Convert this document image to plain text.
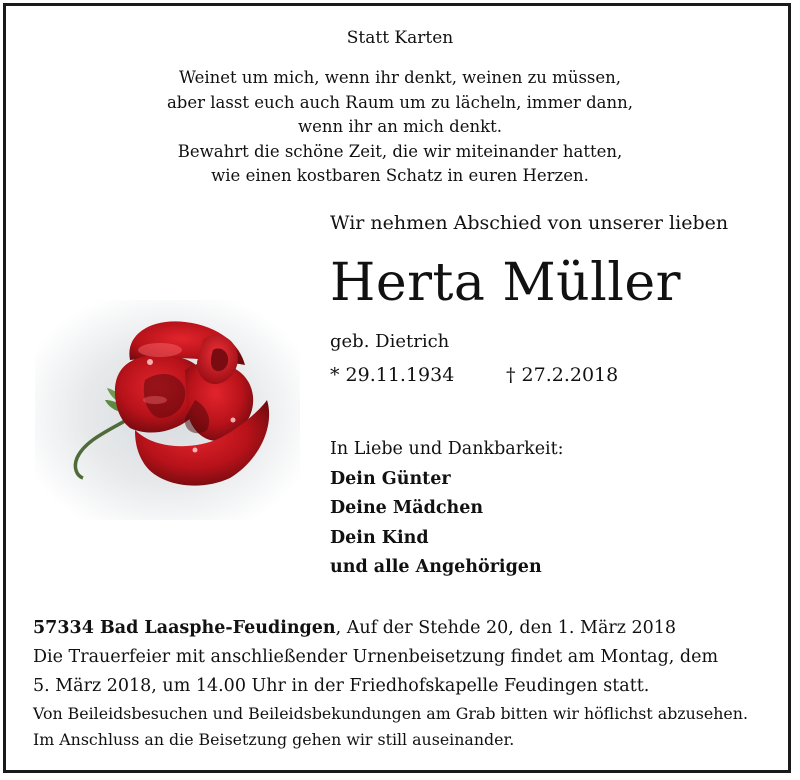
Statt Karten
Weinet um mich, wenn ihr denkt, weinen zu müssen,
aber lasst euch auch Raum um zu lächeln, immer dann,
wenn ihr an mich denkt.
Bewahrt die schöne Zeit, die wir miteinander hatten,
wie einen kostbaren Schatz in euren Herzen.
Wir nehmen Abschied von unserer lieben
Herta Müller
geb. Dietrich
* 29.11.1934	† 27.2.2018
In Liebe und Dankbarkeit:
Dein Günter
Deine Mädchen
Dein Kind
und alle Angehörigen
57334 Bad Laasphe-Feudingen, Auf der Stehde 20, den 1. März 2018
Die Trauerfeier mit anschließender Urnenbeisetzung findet am Montag, dem
5. März 2018, um 14.00 Uhr in der Friedhofskapelle Feudingen statt.
Von Beileidsbesuchen und Beileidsbekundungen am Grab bitten wir höflichst abzusehen.
Im Anschluss an die Beisetzung gehen wir still auseinander.
